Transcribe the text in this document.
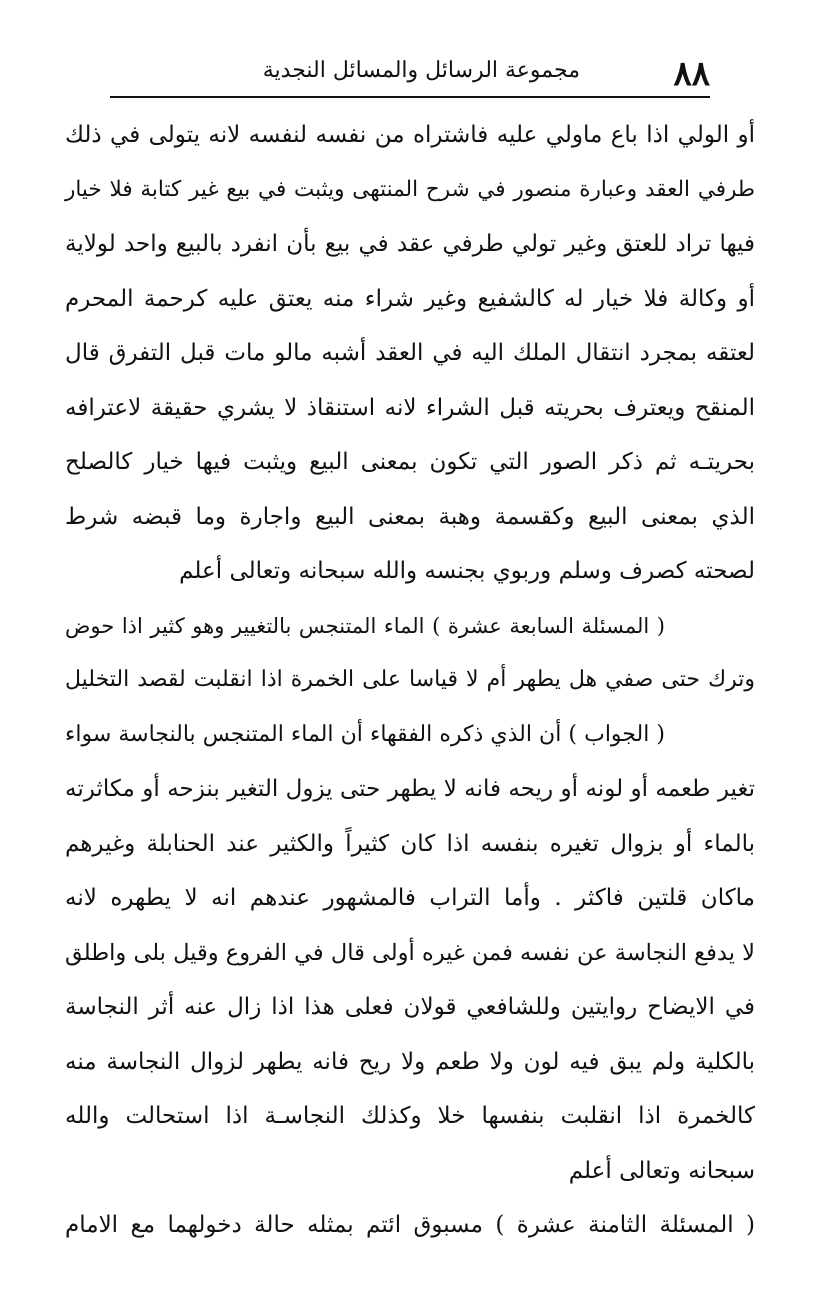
٨٨
مجموعة الرسائل والمسائل النجدية
أو الولي اذا باع ماولي عليه فاشتراه من نفسه لنفسه لانه يتولى في ذلك
طرفي العقد وعبارة منصور في شرح المنتهى ويثبت في بيع غير كتابة فلا خيار
فيها تراد للعتق وغير تولي طرفي عقد في بيع بأن انفرد بالبيع واحد لولاية
أو وكالة فلا خيار له كالشفيع وغير شراء منه يعتق عليه كرحمة المحرم
لعتقه بمجرد انتقال الملك اليه في العقد أشبه مالو مات قبل التفرق قال
المنقح ويعترف بحريته قبل الشراء لانه استنقاذ لا يشري حقيقة لاعترافه
بحريتـه ثم ذكر الصور التي تكون بمعنى البيع ويثبت فيها خيار كالصلح
الذي بمعنى البيع وكقسمة وهبة بمعنى البيع واجارة وما قبضه شرط
لصحته كصرف وسلم وربوي بجنسه والله سبحانه وتعالى أعلم
( المسئلة السابعة عشرة ) الماء المتنجس بالتغيير وهو كثير اذا حوض
وترك حتى صفي هل يطهر أم لا قياسا على الخمرة اذا انقلبت لقصد التخليل
( الجواب ) أن الذي ذكره الفقهاء أن الماء المتنجس بالنجاسة سواء
تغير طعمه أو لونه أو ريحه فانه لا يطهر حتى يزول التغير بنزحه أو مكاثرته
بالماء أو بزوال تغيره بنفسه اذا كان كثيراً والكثير عند الحنابلة وغيرهم
ماكان قلتين فاكثر . وأما التراب فالمشهور عندهم انه لا يطهره لانه
لا يدفع النجاسة عن نفسه فمن غيره أولى قال في الفروع وقيل بلى واطلق
في الايضاح روايتين وللشافعي قولان فعلى هذا اذا زال عنه أثر النجاسة
بالكلية ولم يبق فيه لون ولا طعم ولا ريح فانه يطهر لزوال النجاسة منه
كالخمرة اذا انقلبت بنفسها خلا وكذلك النجاسـة اذا استحالت والله
سبحانه وتعالى أعلم
( المسئلة الثامنة عشرة ) مسبوق ائتم بمثله حالة دخولهما مع الامام
